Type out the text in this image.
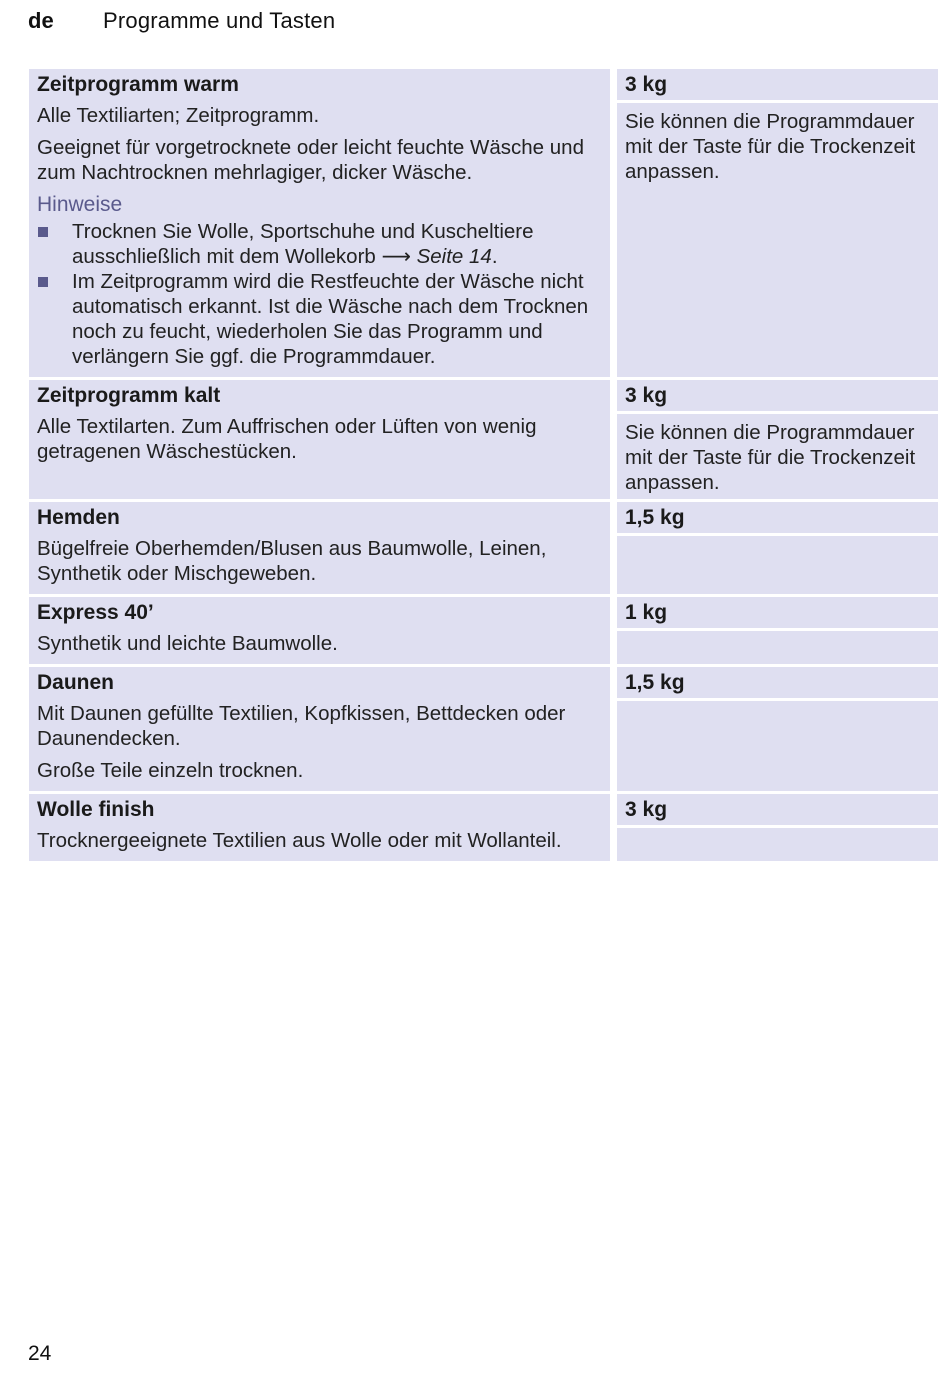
de	Programme und Tasten
Zeitprogramm warm
Alle Textiliarten; Zeitprogramm.
Geeignet für vorgetrocknete oder leicht feuchte Wäsche und zum Nachtrocknen mehrlagiger, dicker Wäsche.
Hinweise
Trocknen Sie Wolle, Sportschuhe und Kuscheltiere ausschließlich mit dem Wollekorb ⟶ Seite 14.
Im Zeitprogramm wird die Restfeuchte der Wäsche nicht automatisch erkannt. Ist die Wäsche nach dem Trocknen noch zu feucht, wiederholen Sie das Programm und verlängern Sie ggf. die Programmdauer.
3 kg
Sie können die Programmdauer mit der Taste für die Trockenzeit anpassen.
Zeitprogramm kalt
Alle Textilarten. Zum Auffrischen oder Lüften von wenig getragenen Wäschestücken.
3 kg
Sie können die Programmdauer mit der Taste für die Trockenzeit anpassen.
Hemden
Bügelfreie Oberhemden/Blusen aus Baumwolle, Leinen, Synthetik oder Mischgeweben.
1,5 kg
Express 40’
Synthetik und leichte Baumwolle.
1 kg
Daunen
Mit Daunen gefüllte Textilien, Kopfkissen, Bettdecken oder Daunendecken.
Große Teile einzeln trocknen.
1,5 kg
Wolle finish
Trocknergeeignete Textilien aus Wolle oder mit Wollanteil.
3 kg
24
